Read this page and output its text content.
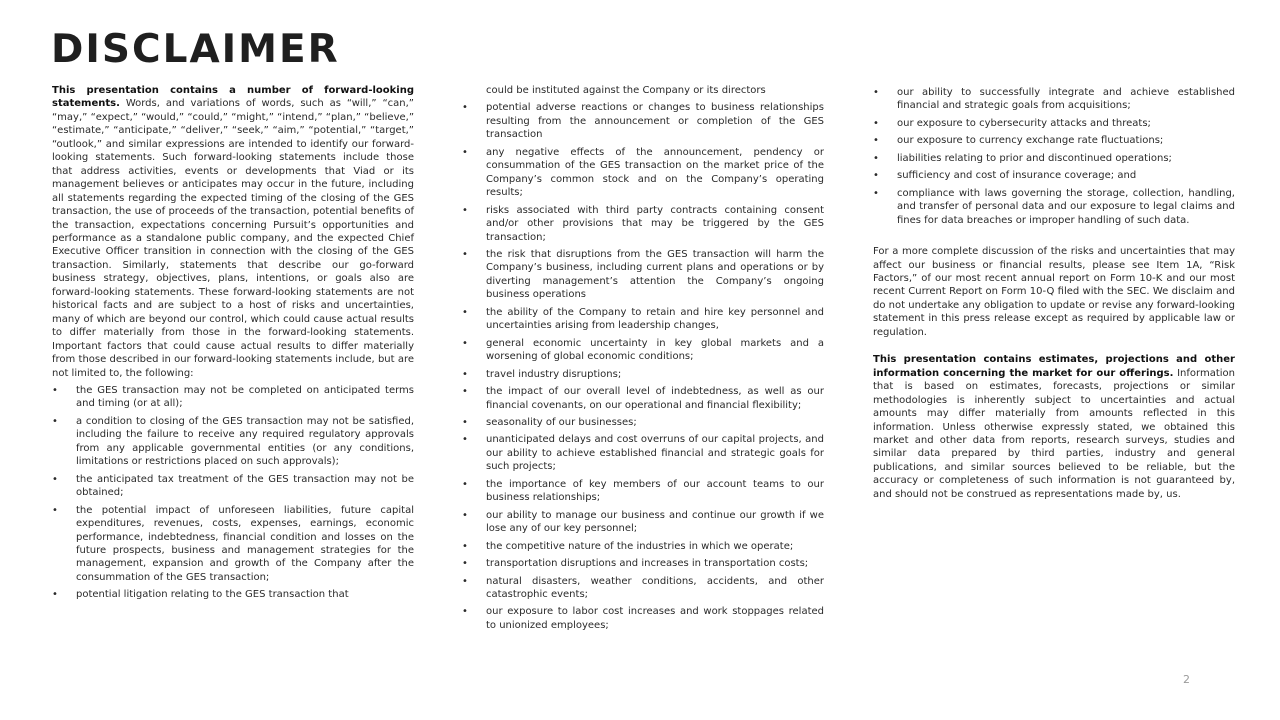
DISCLAIMER

This presentation contains a number of forward-looking statements. Words, and variations of words, such as “will,” “can,” “may,” “expect,” “would,” “could,” “might,” “intend,” “plan,” “believe,” “estimate,” “anticipate,” “deliver,” “seek,” “aim,” “potential,” “target,” “outlook,” and similar expressions are intended to identify our forward-looking statements. Such forward-looking statements include those that address activities, events or developments that Viad or its management believes or anticipates may occur in the future, including all statements regarding the expected timing of the closing of the GES transaction, the use of proceeds of the transaction, potential benefits of the transaction, expectations concerning Pursuit’s opportunities and performance as a standalone public company, and the expected Chief Executive Officer transition in connection with the closing of the GES transaction. Similarly, statements that describe our go-forward business strategy, objectives, plans, intentions, or goals also are forward-looking statements. These forward-looking statements are not historical facts and are subject to a host of risks and uncertainties, many of which are beyond our control, which could cause actual results to differ materially from those in the forward-looking statements. Important factors that could cause actual results to differ materially from those described in our forward-looking statements include, but are not limited to, the following:

• the GES transaction may not be completed on anticipated terms and timing (or at all);
• a condition to closing of the GES transaction may not be satisfied, including the failure to receive any required regulatory approvals from any applicable governmental entities (or any conditions, limitations or restrictions placed on such approvals);
• the anticipated tax treatment of the GES transaction may not be obtained;
• the potential impact of unforeseen liabilities, future capital expenditures, revenues, costs, expenses, earnings, economic performance, indebtedness, financial condition and losses on the future prospects, business and management strategies for the management, expansion and growth of the Company after the consummation of the GES transaction;
• potential litigation relating to the GES transaction that
could be instituted against the Company or its directors
• potential adverse reactions or changes to business relationships resulting from the announcement or completion of the GES transaction
• any negative effects of the announcement, pendency or consummation of the GES transaction on the market price of the Company’s common stock and on the Company’s operating results;
• risks associated with third party contracts containing consent and/or other provisions that may be triggered by the GES transaction;
• the risk that disruptions from the GES transaction will harm the Company’s business, including current plans and operations or by diverting management’s attention the Company’s ongoing business operations
• the ability of the Company to retain and hire key personnel and uncertainties arising from leadership changes,
• general economic uncertainty in key global markets and a worsening of global economic conditions;
• travel industry disruptions;
• the impact of our overall level of indebtedness, as well as our financial covenants, on our operational and financial flexibility;
• seasonality of our businesses;
• unanticipated delays and cost overruns of our capital projects, and our ability to achieve established financial and strategic goals for such projects;
• the importance of key members of our account teams to our business relationships;
• our ability to manage our business and continue our growth if we lose any of our key personnel;
• the competitive nature of the industries in which we operate;
• transportation disruptions and increases in transportation costs;
• natural disasters, weather conditions, accidents, and other catastrophic events;
• our exposure to labor cost increases and work stoppages related to unionized employees;
• our ability to successfully integrate and achieve established financial and strategic goals from acquisitions;
• our exposure to cybersecurity attacks and threats;
• our exposure to currency exchange rate fluctuations;
• liabilities relating to prior and discontinued operations;
• sufficiency and cost of insurance coverage; and
• compliance with laws governing the storage, collection, handling, and transfer of personal data and our exposure to legal claims and fines for data breaches or improper handling of such data.

For a more complete discussion of the risks and uncertainties that may affect our business or financial results, please see Item 1A, “Risk Factors,” of our most recent annual report on Form 10-K and our most recent Current Report on Form 10-Q filed with the SEC. We disclaim and do not undertake any obligation to update or revise any forward-looking statement in this press release except as required by applicable law or regulation.

This presentation contains estimates, projections and other information concerning the market for our offerings. Information that is based on estimates, forecasts, projections or similar methodologies is inherently subject to uncertainties and actual amounts may differ materially from amounts reflected in this information. Unless otherwise expressly stated, we obtained this market and other data from reports, research surveys, studies and similar data prepared by third parties, industry and general publications, and similar sources believed to be reliable, but the accuracy or completeness of such information is not guaranteed by, and should not be construed as representations made by, us.

2
